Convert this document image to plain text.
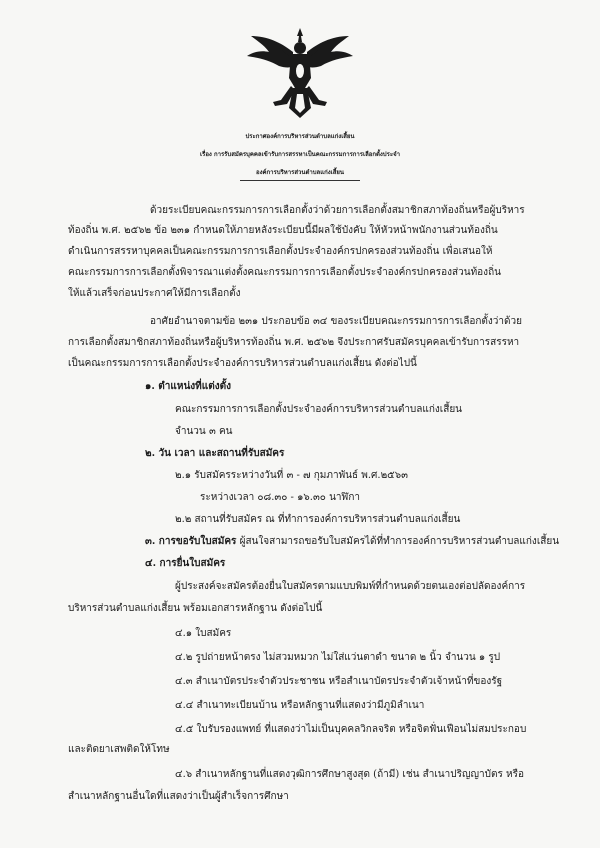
ประกาศองค์การบริหารส่วนตำบลแก่งเสี้ยน
เรื่อง การรับสมัครบุคคลเข้ารับการสรรหาเป็นคณะกรรมการการเลือกตั้งประจำ
องค์การบริหารส่วนตำบลแก่งเสี้ยน
ด้วยระเบียบคณะกรรมการการเลือกตั้งว่าด้วยการเลือกตั้งสมาชิกสภาท้องถิ่นหรือผู้บริหาร
ท้องถิ่น พ.ศ. ๒๕๖๒ ข้อ ๒๓๑ กำหนดให้ภายหลังระเบียบนี้มีผลใช้บังคับ ให้หัวหน้าพนักงานส่วนท้องถิ่น
ดำเนินการสรรหาบุคคลเป็นคณะกรรมการการเลือกตั้งประจำองค์กรปกครองส่วนท้องถิ่น เพื่อเสนอให้
คณะกรรมการการเลือกตั้งพิจารณาแต่งตั้งคณะกรรมการการเลือกตั้งประจำองค์กรปกครองส่วนท้องถิ่น
ให้แล้วเสร็จก่อนประกาศให้มีการเลือกตั้ง
อาศัยอำนาจตามข้อ ๒๓๑ ประกอบข้อ ๓๔ ของระเบียบคณะกรรมการการเลือกตั้งว่าด้วย
การเลือกตั้งสมาชิกสภาท้องถิ่นหรือผู้บริหารท้องถิ่น พ.ศ. ๒๕๖๒ จึงประกาศรับสมัครบุคคลเข้ารับการสรรหา
เป็นคณะกรรมการการเลือกตั้งประจำองค์การบริหารส่วนตำบลแก่งเสี้ยน ดังต่อไปนี้
๑. ตำแหน่งที่แต่งตั้ง
คณะกรรมการการเลือกตั้งประจำองค์การบริหารส่วนตำบลแก่งเสี้ยน
จำนวน ๓ คน
๒. วัน เวลา และสถานที่รับสมัคร
๒.๑ รับสมัครระหว่างวันที่ ๓ - ๗ กุมภาพันธ์ พ.ศ.๒๕๖๓
ระหว่างเวลา ๐๘.๓๐ - ๑๖.๓๐ นาฬิกา
๒.๒ สถานที่รับสมัคร ณ ที่ทำการองค์การบริหารส่วนตำบลแก่งเสี้ยน
๓. การขอรับใบสมัคร ผู้สนใจสามารถขอรับใบสมัครได้ที่ทำการองค์การบริหารส่วนตำบลแก่งเสี้ยน
๔. การยื่นใบสมัคร
ผู้ประสงค์จะสมัครต้องยื่นใบสมัครตามแบบพิมพ์ที่กำหนดด้วยตนเองต่อปลัดองค์การ
บริหารส่วนตำบลแก่งเสี้ยน พร้อมเอกสารหลักฐาน ดังต่อไปนี้
๔.๑ ใบสมัคร
๔.๒ รูปถ่ายหน้าตรง ไม่สวมหมวก ไม่ใส่แว่นตาดำ ขนาด ๒ นิ้ว จำนวน ๑ รูป
๔.๓ สำเนาบัตรประจำตัวประชาชน หรือสำเนาบัตรประจำตัวเจ้าหน้าที่ของรัฐ
๔.๔ สำเนาทะเบียนบ้าน หรือหลักฐานที่แสดงว่ามีภูมิลำเนา
๔.๕ ใบรับรองแพทย์ ที่แสดงว่าไม่เป็นบุคคลวิกลจริต หรือจิตฟั่นเฟือนไม่สมประกอบ
และติดยาเสพติดให้โทษ
๔.๖ สำเนาหลักฐานที่แสดงวุฒิการศึกษาสูงสุด (ถ้ามี) เช่น สำเนาปริญญาบัตร หรือ
สำเนาหลักฐานอื่นใดที่แสดงว่าเป็นผู้สำเร็จการศึกษา
